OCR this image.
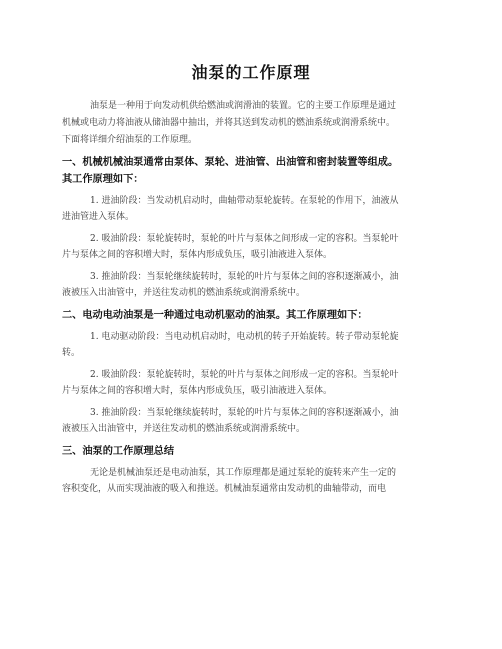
油泵的工作原理
油泵是一种用于向发动机供给燃油或润滑油的装置。它的主要工作原理是通过
机械或电动力将油液从储油器中抽出，并将其送到发动机的燃油系统或润滑系统中。
下面将详细介绍油泵的工作原理。
一、机械机械油泵通常由泵体、泵轮、进油管、出油管和密封装置等组成。
其工作原理如下：
1. 进油阶段：当发动机启动时，曲轴带动泵轮旋转。在泵轮的作用下，油液从
进油管进入泵体。
2. 吸油阶段：泵轮旋转时，泵轮的叶片与泵体之间形成一定的容积。当泵轮叶
片与泵体之间的容积增大时，泵体内形成负压，吸引油液进入泵体。
3. 推油阶段：当泵轮继续旋转时，泵轮的叶片与泵体之间的容积逐渐减小，油
液被压入出油管中，并送往发动机的燃油系统或润滑系统中。
二、电动电动油泵是一种通过电动机驱动的油泵。其工作原理如下：
1. 电动驱动阶段：当电动机启动时，电动机的转子开始旋转。转子带动泵轮旋
转。
2. 吸油阶段：泵轮旋转时，泵轮的叶片与泵体之间形成一定的容积。当泵轮叶
片与泵体之间的容积增大时，泵体内形成负压，吸引油液进入泵体。
3. 推油阶段：当泵轮继续旋转时，泵轮的叶片与泵体之间的容积逐渐减小，油
液被压入出油管中，并送往发动机的燃油系统或润滑系统中。
三、油泵的工作原理总结
无论是机械油泵还是电动油泵，其工作原理都是通过泵轮的旋转来产生一定的
容积变化，从而实现油液的吸入和推送。机械油泵通常由发动机的曲轴带动，而电
